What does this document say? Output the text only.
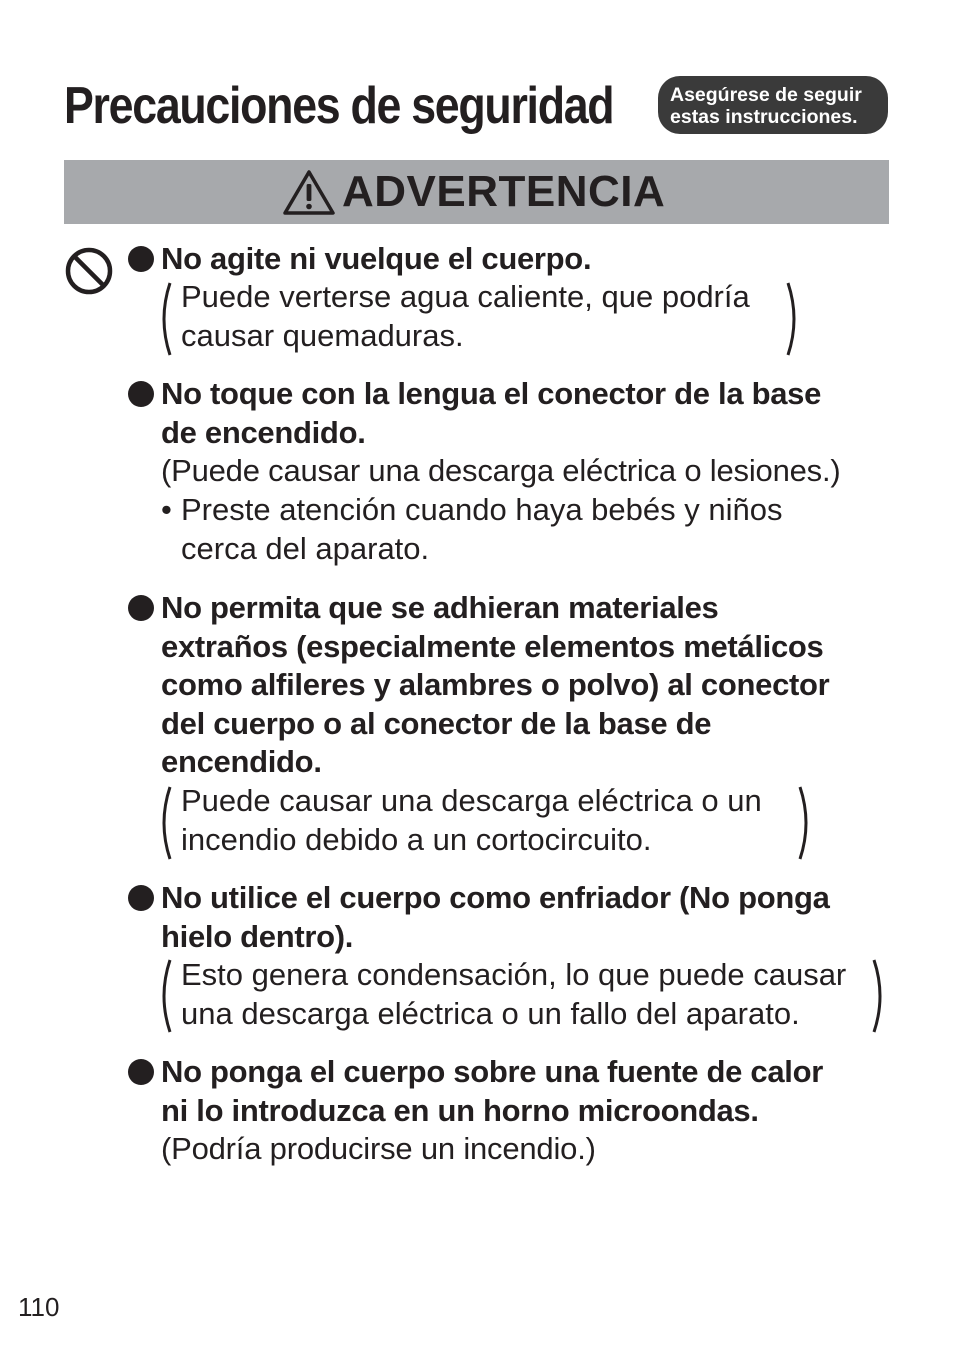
Precauciones de seguridad	Asegúrese de seguir
estas instrucciones.
ADVERTENCIA
No agite ni vuelque el cuerpo.
Puede verterse agua caliente, que podría
causar quemaduras.
No toque con la lengua el conector de la base
de encendido.
(Puede causar una descarga eléctrica o lesiones.)
• Preste atención cuando haya bebés y niños
cerca del aparato.
No permita que se adhieran materiales
extraños (especialmente elementos metálicos
como alfileres y alambres o polvo) al conector
del cuerpo o al conector de la base de
encendido.
Puede causar una descarga eléctrica o un
incendio debido a un cortocircuito.
No utilice el cuerpo como enfriador (No ponga
hielo dentro).
Esto genera condensación, lo que puede causar
una descarga eléctrica o un fallo del aparato.
No ponga el cuerpo sobre una fuente de calor
ni lo introduzca en un horno microondas.
(Podría producirse un incendio.)
110
